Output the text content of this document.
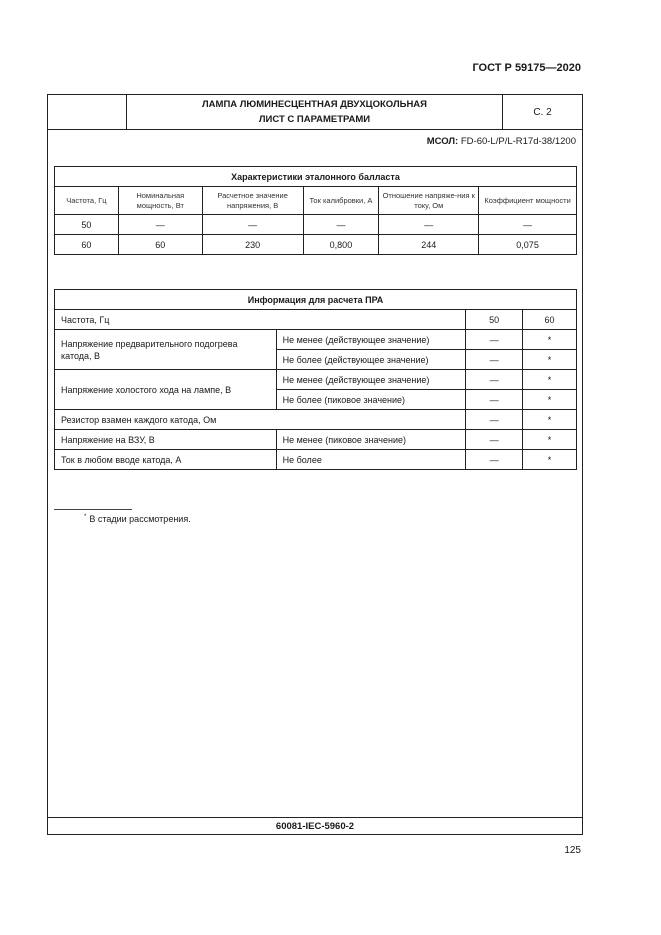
ГОСТ Р 59175—2020
ЛАМПА ЛЮМИНЕСЦЕНТНАЯ ДВУХЦОКОЛЬНАЯ
ЛИСТ С ПАРАМЕТРАМИ
С. 2
МСОЛ: FD-60-L/P/L-R17d-38/1200
Характеристики эталонного балласта					
Частота, Гц	Номинальная мощность, Вт	Расчетное значение напряжения, В	Ток калибровки, А	Отношение напряже-ния к току, Ом	Коэффициент мощности
50	—	—	—	—	—
60	60	230	0,800	244	0,075
Информация для расчета ПРА			
Частота, Гц		50	60
Напряжение предварительного подогрева катода, В	Не менее (действующее значение)	—	*
	Не более (действующее значение)	—	*
Напряжение холостого хода на лампе, В	Не менее (действующее значение)	—	*
	Не более (пиковое значение)	—	*
Резистор взамен каждого катода, Ом		—	*
Напряжение на ВЗУ, В	Не менее (пиковое значение)	—	*
Ток в любом вводе катода, А	Не более	—	*
60081-IEC-5960-2
* В стадии рассмотрения.
125
